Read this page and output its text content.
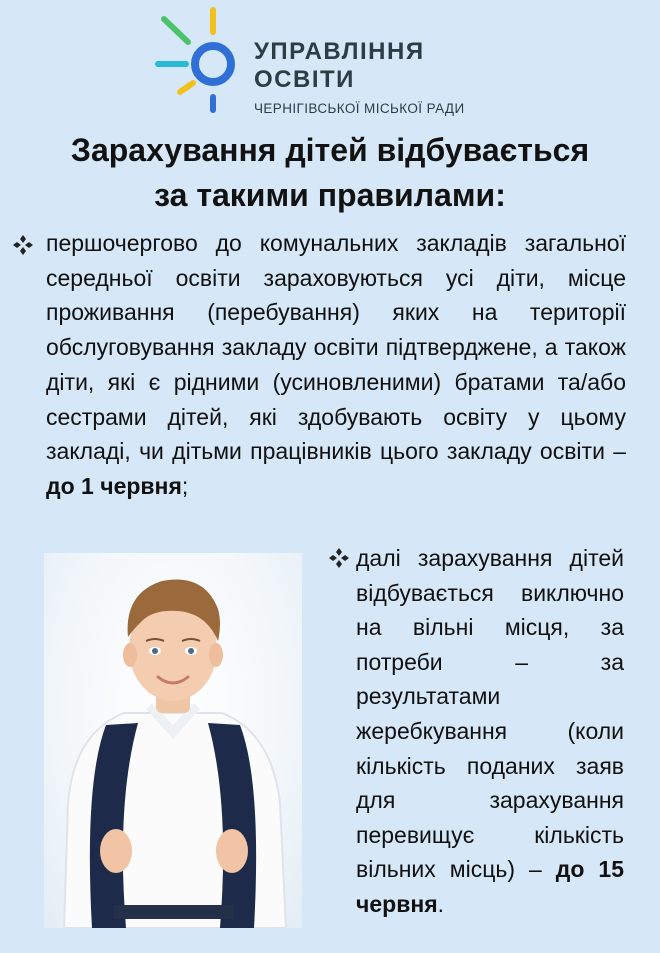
УПРАВЛІННЯ
ОСВІТИ
ЧЕРНІГІВСЬКОЇ МІСЬКОЇ РАДИ
Зарахування дітей відбувається
за такими правилами:
першочергово до комунальних закладів загальної середньої освіти зараховуються усі діти, місце проживання (перебування) яких на території обслуговування закладу освіти підтверджене, а також діти, які є рідними (усиновленими) братами та/або сестрами дітей, які здобувають освіту у цьому закладі, чи дітьми працівників цього закладу освіти – до 1 червня;
далі зарахування дітей відбувається виключно на вільні місця, за потреби – за результатами жеребкування (коли кількість поданих заяв для зарахування перевищує кількість вільних місць) – до 15 червня.
